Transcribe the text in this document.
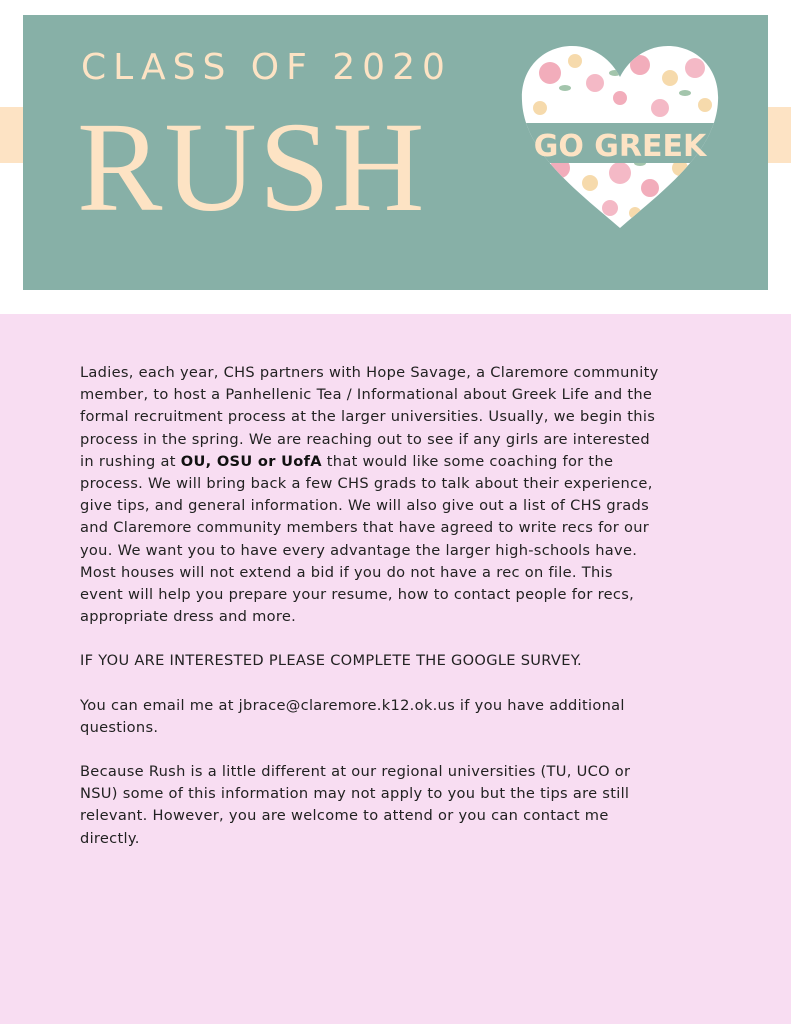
CLASS OF 2020
RUSH	GO GREEK

Ladies, each year, CHS partners with Hope Savage, a Claremore community member, to host a Panhellenic Tea / Informational about Greek Life and the formal recruitment process at the larger universities. Usually, we begin this process in the spring. We are reaching out to see if any girls are interested in rushing at OU, OSU or UofA that would like some coaching for the process. We will bring back a few CHS grads to talk about their experience, give tips, and general information. We will also give out a list of CHS grads and Claremore community members that have agreed to write recs for our you. We want you to have every advantage the larger high-schools have. Most houses will not extend a bid if you do not have a rec on file. This event will help you prepare your resume, how to contact people for recs, appropriate dress and more.

IF YOU ARE INTERESTED PLEASE COMPLETE THE GOOGLE SURVEY.

You can email me at jbrace@claremore.k12.ok.us if you have additional questions.

Because Rush is a little different at our regional universities (TU, UCO or NSU) some of this information may not apply to you but the tips are still relevant. However, you are welcome to attend or you can contact me directly.
